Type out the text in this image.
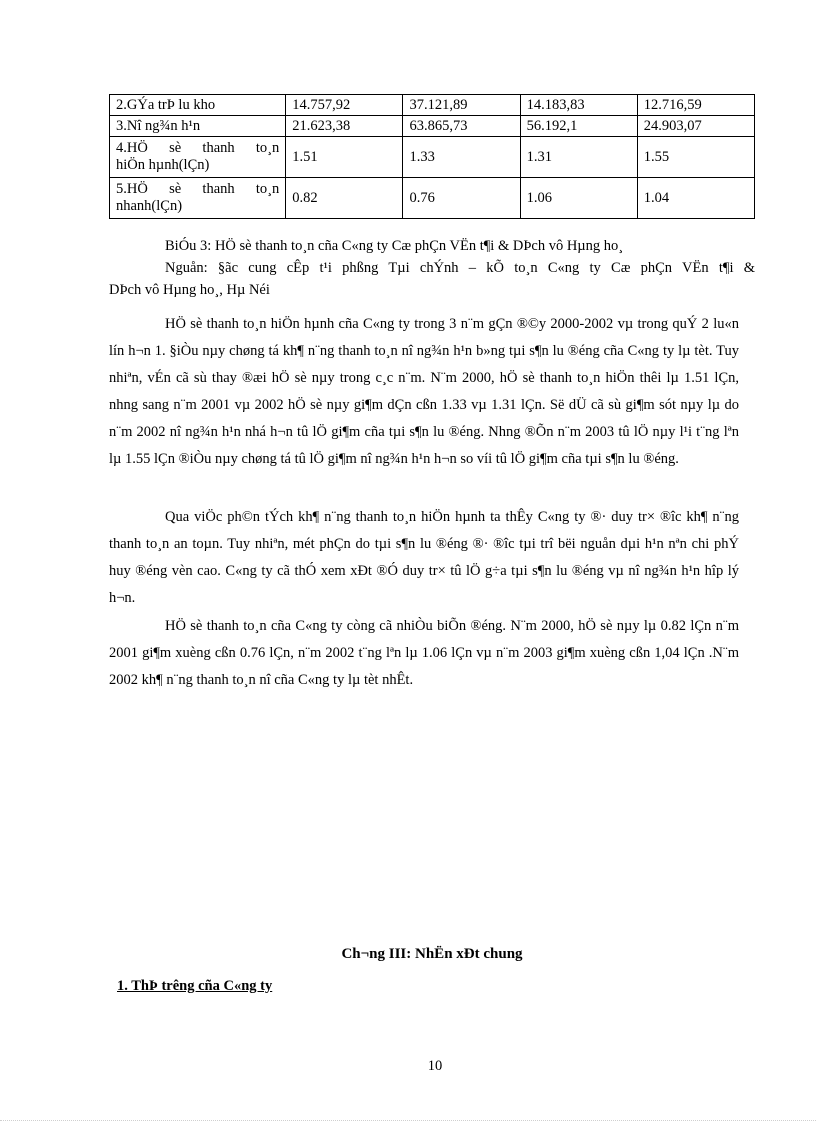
2.GÝa trÞ lu kho	14.757,92	37.121,89	14.183,83	12.716,59
3.Nî ng¾n h¹n	21.623,38	63.865,73	56.192,1	24.903,07

4.HÖ sè thanh to¸n
hiÖn hµnh(lÇn)	1.51	1.33	1.31	1.55

5.HÖ sè thanh to¸n
nhanh(lÇn)	0.82	0.76	1.06	1.04
BiÓu 3: HÖ sè thanh to¸n cña C«ng ty Cæ phÇn VËn t¶i & DÞch vô Hµng ho¸
Nguån: §ãc cung cÊp t¹i phßng Tµi chÝnh – kÕ to¸n C«ng ty Cæ phÇn VËn t¶i &
DÞch vô Hµng ho¸, Hµ Néi

HÖ sè thanh to¸n hiÖn hµnh cña C«ng ty trong 3 n¨m gÇn ®©y 2000-2002 vµ trong quÝ 2 lu«n lín h¬n 1. §iÒu nµy chøng tá kh¶ n¨ng thanh to¸n nî ng¾n h¹n b»ng tµi s¶n lu ®éng cña C«ng ty lµ tèt. Tuy nhiªn, vÉn cã sù thay ®æi hÖ sè nµy trong c¸c n¨m. N¨m 2000, hÖ sè thanh to¸n hiÖn thêi lµ 1.51 lÇn, nhng sang n¨m 2001 vµ 2002 hÖ sè nµy gi¶m dÇn cßn 1.33 vµ 1.31 lÇn. Së dÜ cã sù gi¶m sót nµy lµ do n¨m 2002 nî ng¾n h¹n nhá h¬n tû lÖ gi¶m cña tµi s¶n lu ®éng. Nhng ®Õn n¨m 2003 tû lÖ nµy l¹i t¨ng lªn lµ 1.55 lÇn ®iÒu nµy chøng tá tû lÖ gi¶m nî ng¾n h¹n h¬n so víi tû lÖ gi¶m cña tµi s¶n lu ®éng.

Qua viÖc ph©n tÝch kh¶ n¨ng thanh to¸n hiÖn hµnh ta thÊy C«ng ty ®· duy tr× ®îc kh¶ n¨ng thanh to¸n an toµn. Tuy nhiªn, mét phÇn do tµi s¶n lu ®éng ®· ®îc tµi trî bëi nguån dµi h¹n nªn chi phÝ huy ®éng vèn cao. C«ng ty cã thÓ xem xÐt ®Ó duy tr× tû lÖ g÷a tµi s¶n lu ®éng vµ nî ng¾n h¹n hîp lý h¬n.

HÖ sè thanh to¸n cña C«ng ty còng cã nhiÒu biÕn ®éng. N¨m 2000, hÖ sè nµy lµ 0.82 lÇn n¨m 2001 gi¶m xuèng cßn 0.76 lÇn, n¨m 2002 t¨ng lªn lµ 1.06 lÇn vµ n¨m 2003 gi¶m xuèng cßn 1,04 lÇn .N¨m 2002 kh¶ n¨ng thanh to¸n nî cña C«ng ty lµ tèt nhÊt.

Ch¬ng III: NhËn xÐt chung
1. ThÞ trêng cña C«ng ty
10
